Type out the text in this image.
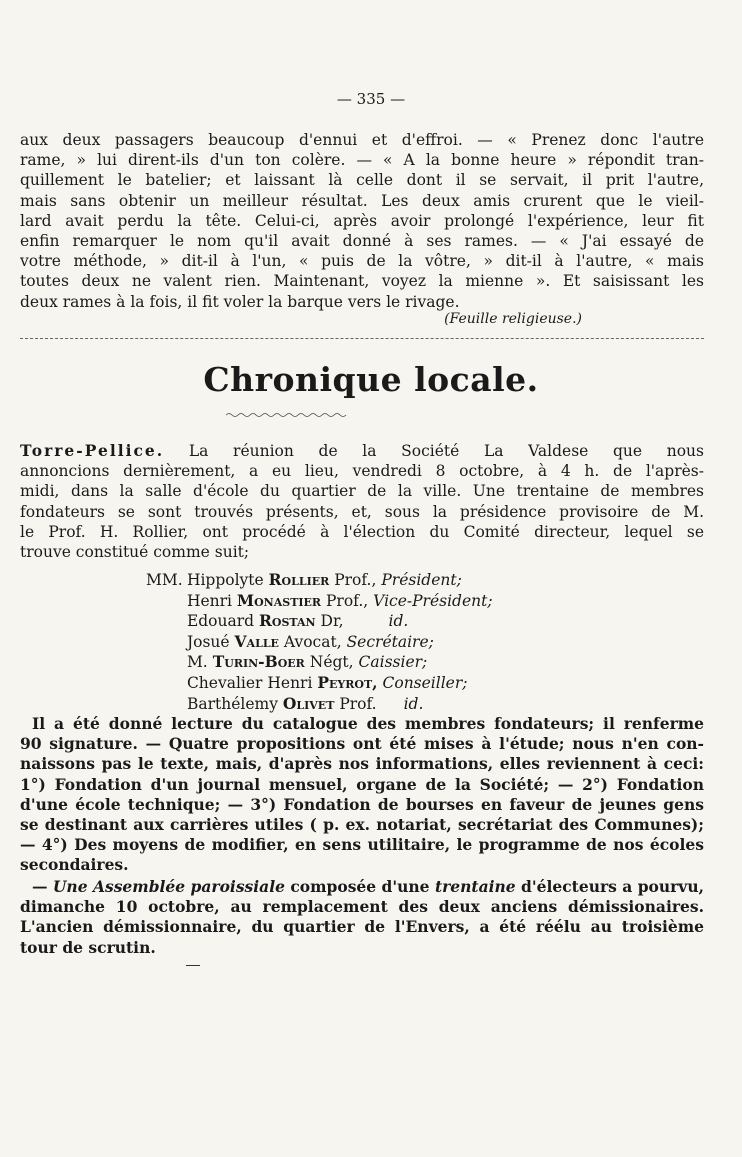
— 335 —
aux deux passagers beaucoup d'ennui et d'effroi. — « Prenez donc l'autre
rame, » lui dirent-ils d'un ton colère. — « A la bonne heure » répondit tran-
quillement le batelier; et laissant là celle dont il se servait, il prit l'autre,
mais sans obtenir un meilleur résultat. Les deux amis crurent que le vieil-
lard avait perdu la tête. Celui-ci, après avoir prolongé l'expérience, leur fit
enfin remarquer le nom qu'il avait donné à ses rames. — « J'ai essayé de
votre méthode, » dit-il à l'un, « puis de la vôtre, » dit-il à l'autre, « mais
toutes deux ne valent rien. Maintenant, voyez la mienne ». Et saisissant les
deux rames à la fois, il fit voler la barque vers le rivage.
(Feuille religieuse.)
Chronique locale.
Torre-Pellice. La réunion de la Société La Valdese que nous
annoncions dernièrement, a eu lieu, vendredi 8 octobre, à 4 h. de l'après-
midi, dans la salle d'école du quartier de la ville. Une trentaine de membres
fondateurs se sont trouvés présents, et, sous la présidence provisoire de M.
le Prof. H. Rollier, ont procédé à l'élection du Comité directeur, lequel se
trouve constitué comme suit;
MM. Hippolyte Rollier Prof., Président;
Henri Monastier Prof., Vice-Président;
Edouard Rostan Dr,	id.
Josué Valle Avocat, Secrétaire;
M. Turin-Boer Négt, Caissier;
Chevalier Henri Peyrot, Conseiller;
Barthélemy Olivet Prof. id.
Il a été donné lecture du catalogue des membres fondateurs; il renferme
90 signature. — Quatre propositions ont été mises à l'étude; nous n'en con-
naissons pas le texte, mais, d'après nos informations, elles reviennent à ceci:
1°) Fondation d'un journal mensuel, organe de la Société; — 2°) Fondation
d'une école technique; — 3°) Fondation de bourses en faveur de jeunes gens
se destinant aux carrières utiles ( p. ex. notariat, secrétariat des Communes);
— 4°) Des moyens de modifier, en sens utilitaire, le programme de nos écoles
secondaires.
— Une Assemblée paroissiale composée d'une trentaine d'électeurs a pourvu,
dimanche 10 octobre, au remplacement des deux anciens démissionaires.
L'ancien démissionnaire, du quartier de l'Envers, a été réélu au troisième
tour de scrutin.
